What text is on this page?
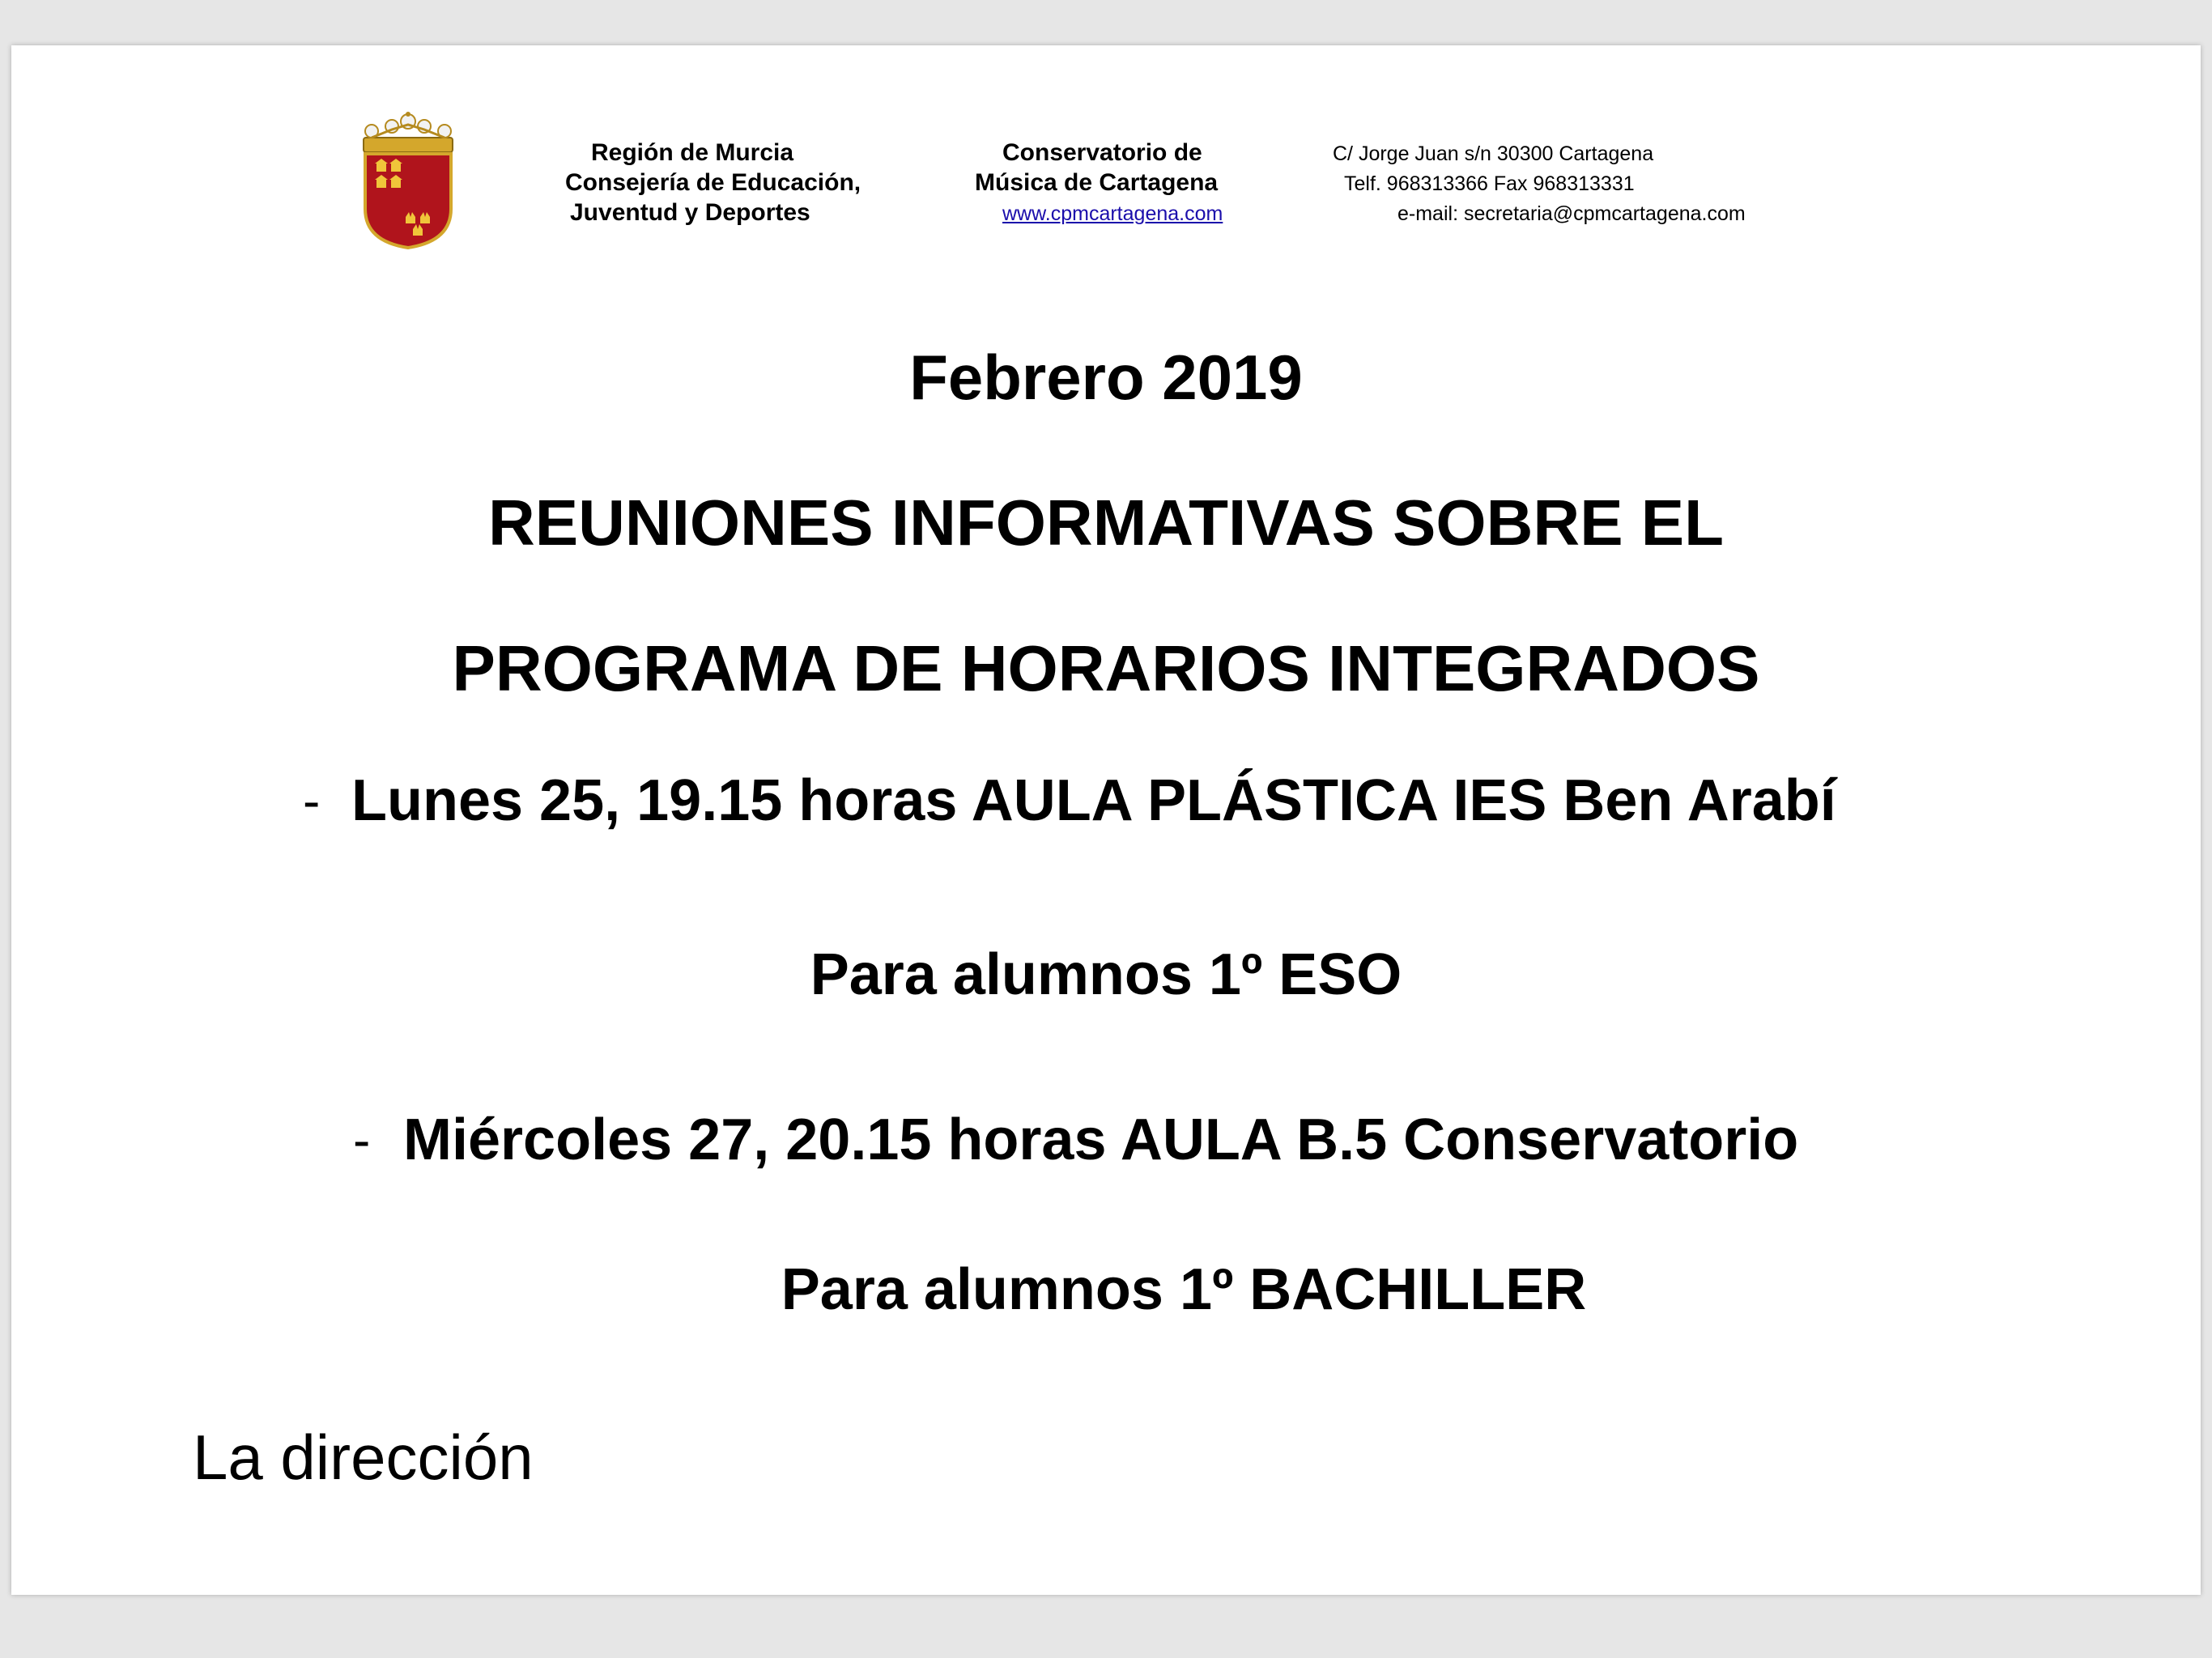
Región de Murcia
Consejería de Educación,
Juventud y Deportes
Conservatorio de
Música de Cartagena
www.cpmcartagena.com
C/ Jorge Juan s/n 30300 Cartagena
Telf. 968313366 Fax 968313331
e-mail: secretaria@cpmcartagena.com
Febrero 2019
REUNIONES INFORMATIVAS SOBRE EL
PROGRAMA DE HORARIOS INTEGRADOS
- Lunes 25, 19.15 horas AULA PLÁSTICA IES Ben Arabí
Para alumnos 1º ESO
- Miércoles 27, 20.15 horas AULA B.5 Conservatorio
Para alumnos 1º BACHILLER
La dirección
